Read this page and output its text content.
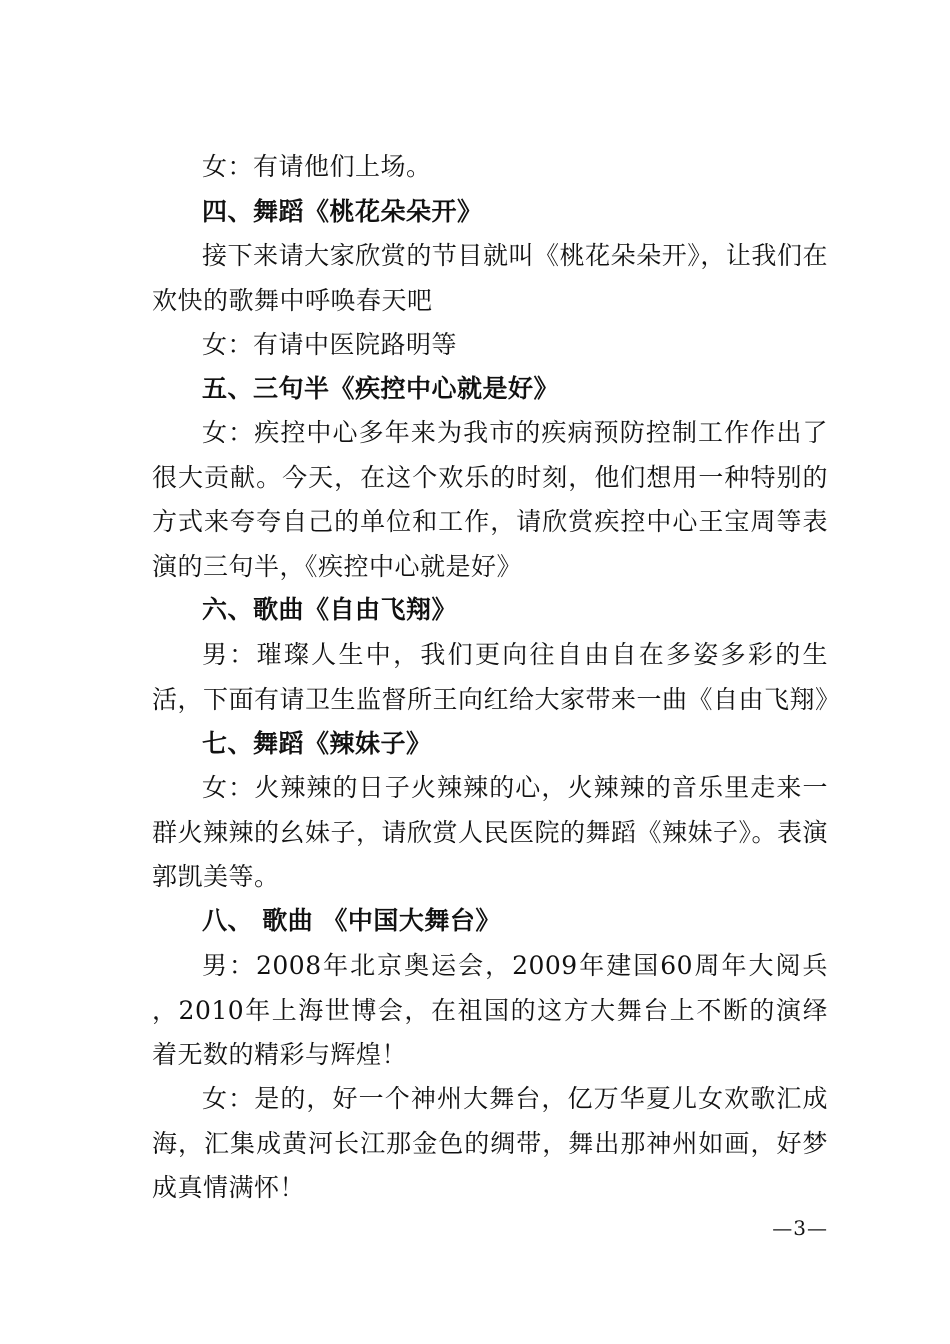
女：有请他们上场。

四、舞蹈《桃花朵朵开》

接下来请大家欣赏的节目就叫《桃花朵朵开》，让我们在欢快的歌舞中呼唤春天吧

女：有请中医院路明等

五、三句半《疾控中心就是好》

女：疾控中心多年来为我市的疾病预防控制工作作出了很大贡献。今天，在这个欢乐的时刻，他们想用一种特别的方式来夸夸自己的单位和工作，请欣赏疾控中心王宝周等表演的三句半，《疾控中心就是好》

六、歌曲《自由飞翔》

男：璀璨人生中，我们更向往自由自在多姿多彩的生活，下面有请卫生监督所王向红给大家带来一曲《自由飞翔》

七、舞蹈《辣妹子》

女：火辣辣的日子火辣辣的心，火辣辣的音乐里走来一群火辣辣的幺妹子，请欣赏人民医院的舞蹈《辣妹子》。表演郭凯美等。

八、 歌曲 《中国大舞台》

男：2008年北京奥运会，2009年建国60周年大阅兵 ，2010年上海世博会，在祖国的这方大舞台上不断的演绎着无数的精彩与辉煌！

女：是的，好一个神州大舞台，亿万华夏儿女欢歌汇成海，汇集成黄河长江那金色的绸带，舞出那神州如画，好梦成真情满怀！

—3—
